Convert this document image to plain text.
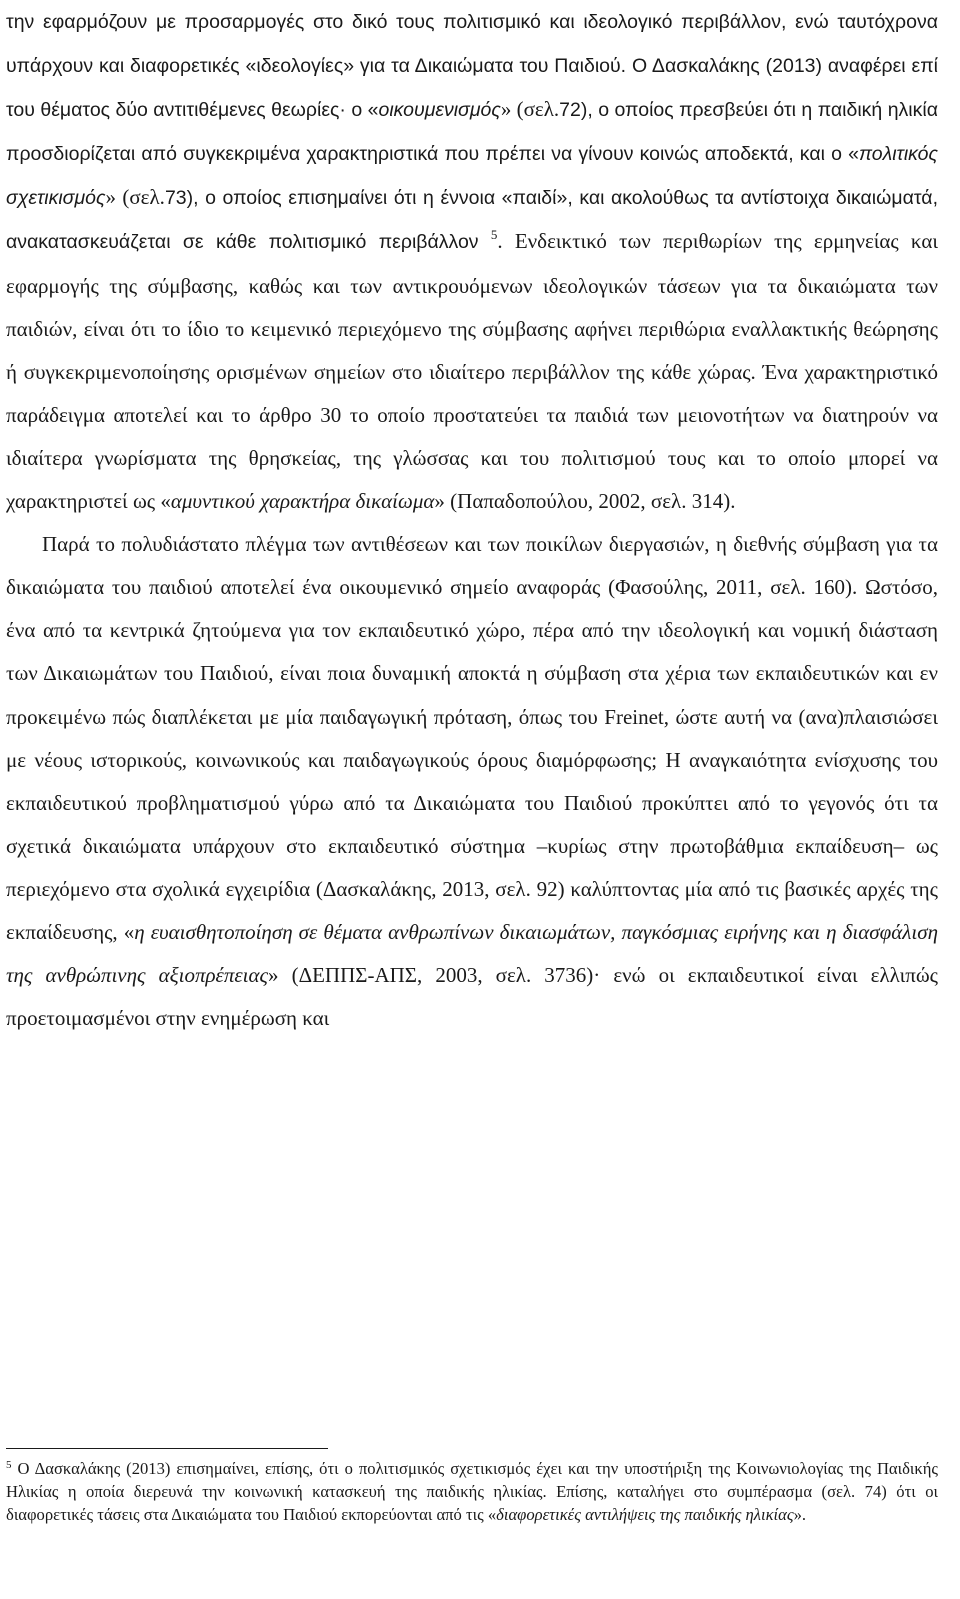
την εφαρμόζουν με προσαρμογές στο δικό τους πολιτισμικό και ιδεολογικό περιβάλλον, ενώ ταυτόχρονα υπάρχουν και διαφορετικές «ιδεολογίες» για τα Δικαιώματα του Παιδιού. Ο Δασκαλάκης (2013) αναφέρει επί του θέματος δύο αντιτιθέμενες θεωρίες· ο «οικουμενισμός» (σελ.72), ο οποίος πρεσβεύει ότι η παιδική ηλικία προσδιορίζεται από συγκεκριμένα χαρακτηριστικά που πρέπει να γίνουν κοινώς αποδεκτά, και ο «πολιτικός σχετικισμός» (σελ.73), ο οποίος επισημαίνει ότι η έννοια «παιδί», και ακολούθως τα αντίστοιχα δικαιώματά, ανακατασκευάζεται σε κάθε πολιτισμικό περιβάλλον $^5$. Ενδεικτικό των περιθωρίων της ερμηνείας και εφαρμογής της σύμβασης, καθώς και των αντικρουόμενων ιδεολογικών τάσεων για τα δικαιώματα των παιδιών, είναι ότι το ίδιο το κειμενικό περιεχόμενο της σύμβασης αφήνει περιθώρια εναλλακτικής θεώρησης ή συγκεκριμενοποίησης ορισμένων σημείων στο ιδιαίτερο περιβάλλον της κάθε χώρας. Ένα χαρακτηριστικό παράδειγμα αποτελεί και το άρθρο 30 το οποίο προστατεύει τα παιδιά των μειονοτήτων να διατηρούν να ιδιαίτερα γνωρίσματα της θρησκείας, της γλώσσας και του πολιτισμού τους και το οποίο μπορεί να χαρακτηριστεί ως «αμυντικού χαρακτήρα δικαίωμα» (Παπαδοπούλου, 2002, σελ. 314).

Παρά το πολυδιάστατο πλέγμα των αντιθέσεων και των ποικίλων διεργασιών, η διεθνής σύμβαση για τα δικαιώματα του παιδιού αποτελεί ένα οικουμενικό σημείο αναφοράς (Φασούλης, 2011, σελ. 160). Ωστόσο, ένα από τα κεντρικά ζητούμενα για τον εκπαιδευτικό χώρο, πέρα από την ιδεολογική και νομική διάσταση των Δικαιωμάτων του Παιδιού, είναι ποια δυναμική αποκτά η σύμβαση στα χέρια των εκπαιδευτικών και εν προκειμένω πώς διαπλέκεται με μία παιδαγωγική πρόταση, όπως του Freinet, ώστε αυτή να (ανα)πλαισιώσει με νέους ιστορικούς, κοινωνικούς και παιδαγωγικούς όρους διαμόρφωσης; Η αναγκαιότητα ενίσχυσης του εκπαιδευτικού προβληματισμού γύρω από τα Δικαιώματα του Παιδιού προκύπτει από το γεγονός ότι τα σχετικά δικαιώματα υπάρχουν στο εκπαιδευτικό σύστημα –κυρίως στην πρωτοβάθμια εκπαίδευση– ως περιεχόμενο στα σχολικά εγχειρίδια (Δασκαλάκης, 2013, σελ. 92) καλύπτοντας μία από τις βασικές αρχές της εκπαίδευσης, «η ευαισθητοποίηση σε θέματα ανθρωπίνων δικαιωμάτων, παγκόσμιας ειρήνης και η διασφάλιση της ανθρώπινης αξιοπρέπειας» (ΔΕΠΠΣ-ΑΠΣ, 2003, σελ. 3736)· ενώ οι εκπαιδευτικοί είναι ελλιπώς προετοιμασμένοι στην ενημέρωση και

$^5$ Ο Δασκαλάκης (2013) επισημαίνει, επίσης, ότι ο πολιτισμικός σχετικισμός έχει και την υποστήριξη της Κοινωνιολογίας της Παιδικής Ηλικίας η οποία διερευνά την κοινωνική κατασκευή της παιδικής ηλικίας. Επίσης, καταλήγει στο συμπέρασμα (σελ. 74) ότι οι διαφορετικές τάσεις στα Δικαιώματα του Παιδιού εκπορεύονται από τις «διαφορετικές αντιλήψεις της παιδικής ηλικίας».
